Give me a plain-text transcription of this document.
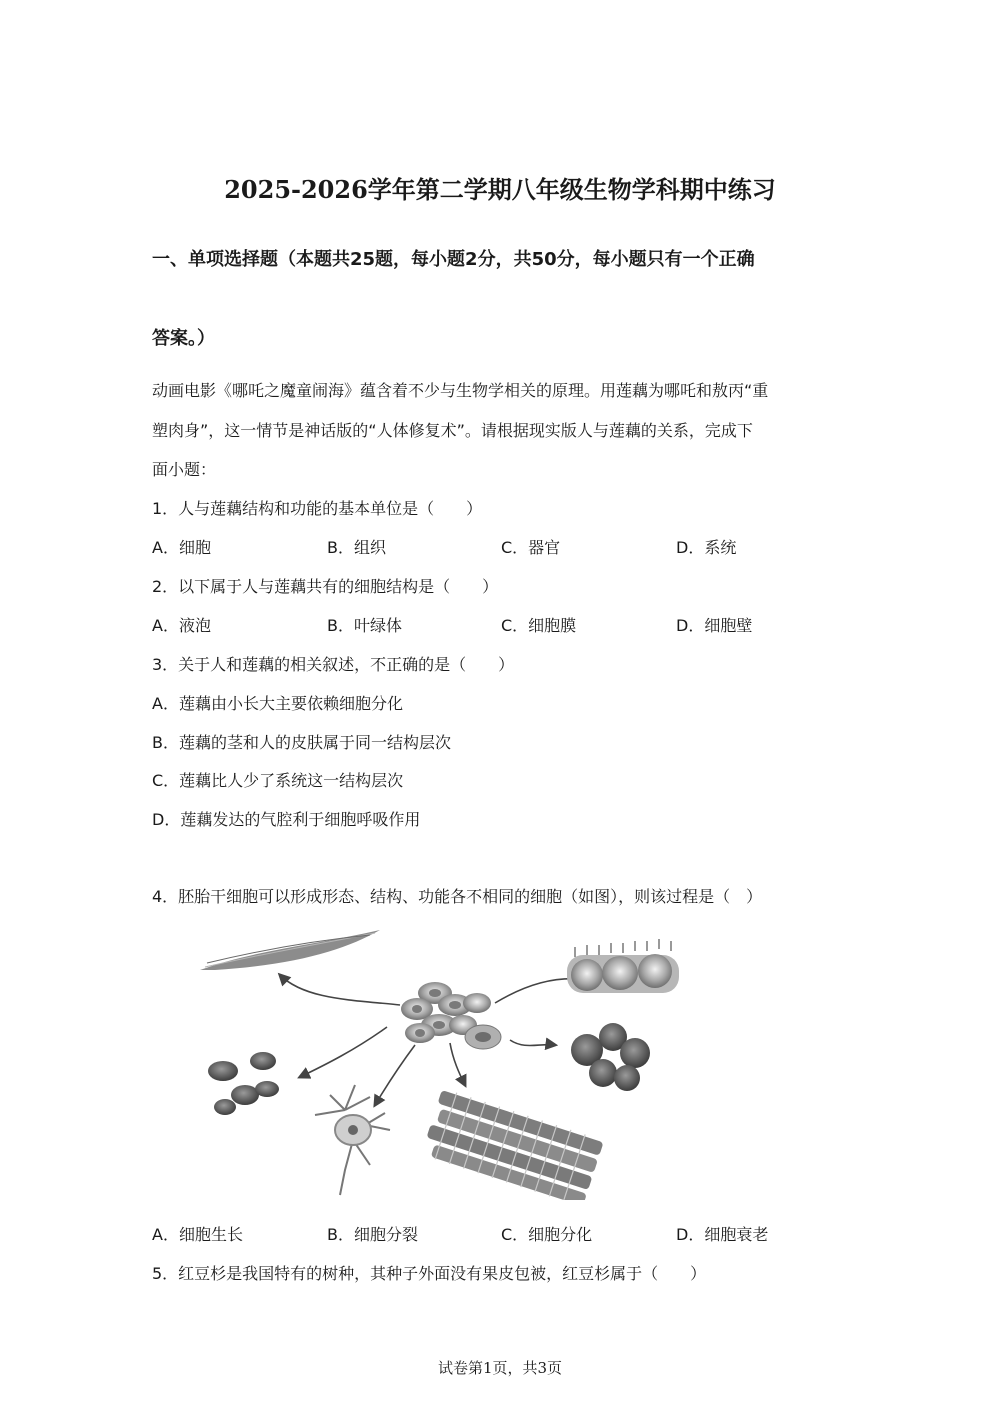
2025-2026学年第二学期八年级生物学科期中练习
一、单项选择题（本题共25题，每小题2分，共50分，每小题只有一个正确
答案。）
动画电影《哪吒之魔童闹海》蕴含着不少与生物学相关的原理。用莲藕为哪吒和敖丙“重
塑肉身”，这一情节是神话版的“人体修复术”。请根据现实版人与莲藕的关系，完成下
面小题：
1．人与莲藕结构和功能的基本单位是（　　）
A．细胞	B．组织	C．器官	D．系统
2．以下属于人与莲藕共有的细胞结构是（　　）
A．液泡	B．叶绿体	C．细胞膜	D．细胞壁
3．关于人和莲藕的相关叙述，不正确的是（　　）
A．莲藕由小长大主要依赖细胞分化
B．莲藕的茎和人的皮肤属于同一结构层次
C．莲藕比人少了系统这一结构层次
D．莲藕发达的气腔利于细胞呼吸作用
4．胚胎干细胞可以形成形态、结构、功能各不相同的细胞（如图），则该过程是（　）
A．细胞生长	B．细胞分裂	C．细胞分化	D．细胞衰老
5．红豆杉是我国特有的树种，其种子外面没有果皮包被，红豆杉属于（　　）
试卷第1页，共3页
